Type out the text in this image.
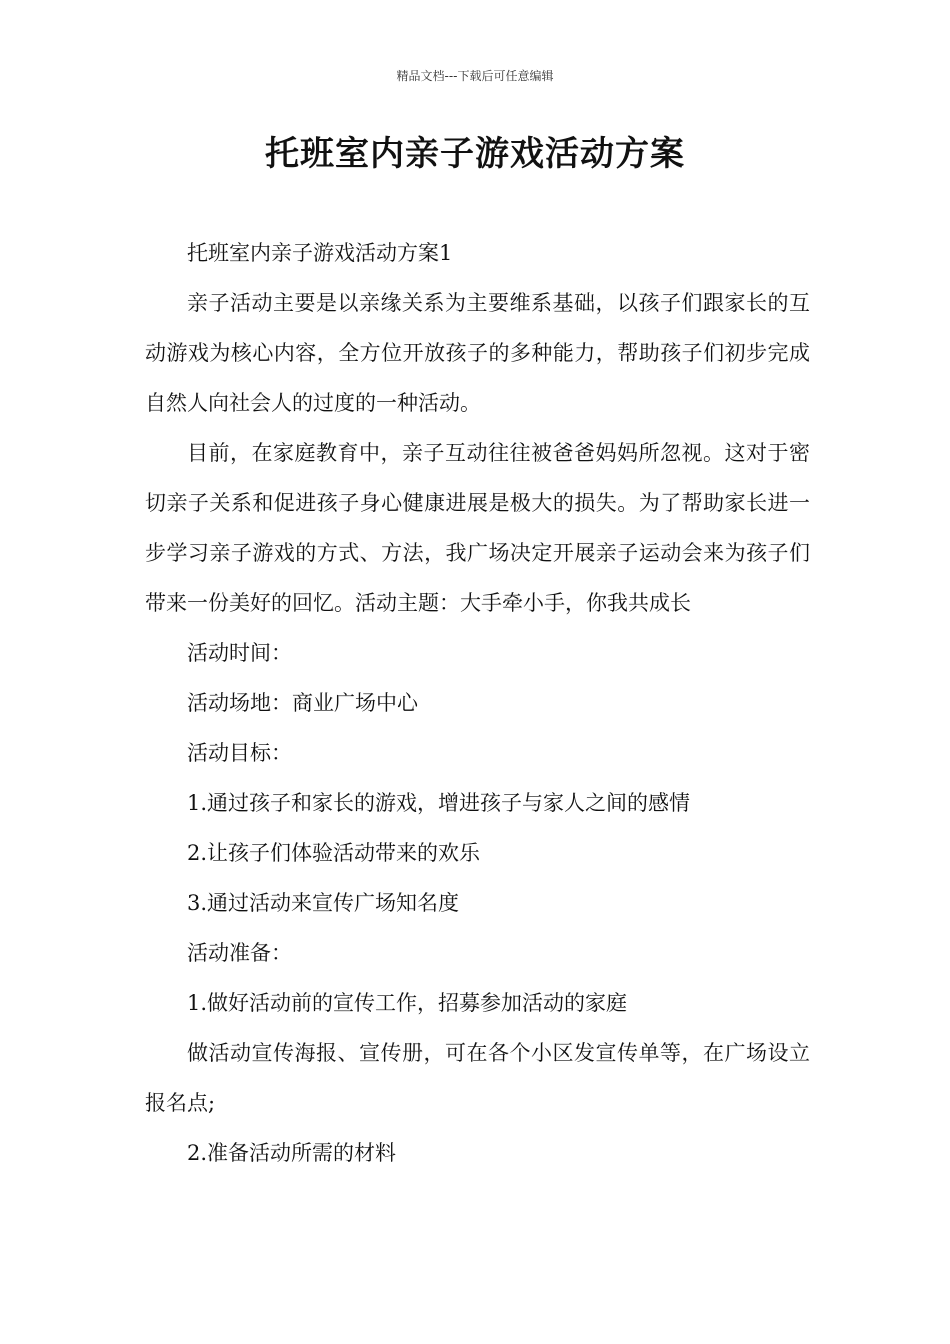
精品文档---下载后可任意编辑
托班室内亲子游戏活动方案

托班室内亲子游戏活动方案1

亲子活动主要是以亲缘关系为主要维系基础，以孩子们跟家长的互动游戏为核心内容，全方位开放孩子的多种能力，帮助孩子们初步完成自然人向社会人的过度的一种活动。

目前，在家庭教育中，亲子互动往往被爸爸妈妈所忽视。这对于密切亲子关系和促进孩子身心健康进展是极大的损失。为了帮助家长进一步学习亲子游戏的方式、方法，我广场决定开展亲子运动会来为孩子们带来一份美好的回忆。活动主题：大手牵小手，你我共成长

活动时间：

活动场地：商业广场中心

活动目标：

1.通过孩子和家长的游戏，增进孩子与家人之间的感情

2.让孩子们体验活动带来的欢乐

3.通过活动来宣传广场知名度

活动准备：

1.做好活动前的宣传工作，招募参加活动的家庭

做活动宣传海报、宣传册，可在各个小区发宣传单等，在广场设立报名点;

2.准备活动所需的材料
